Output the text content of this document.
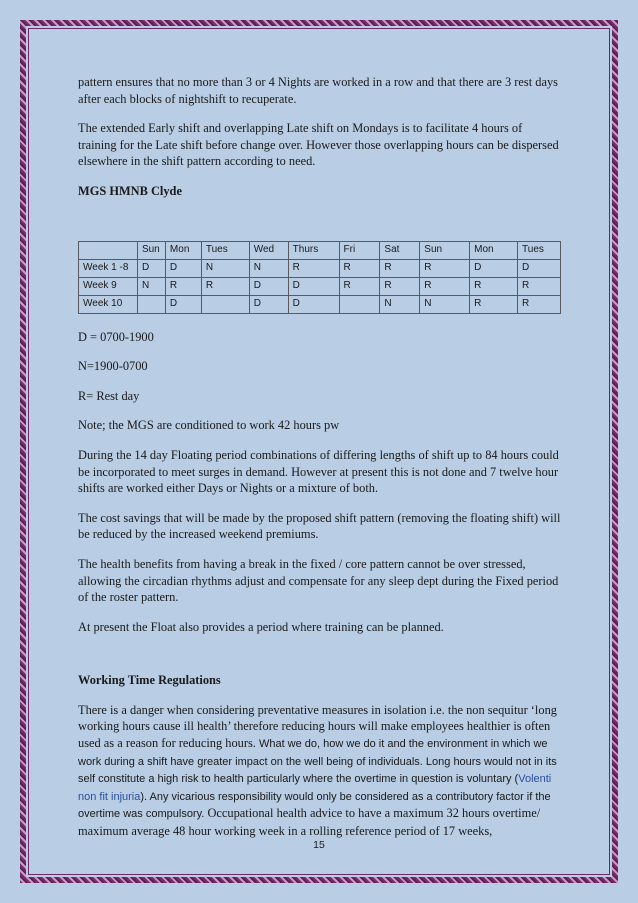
pattern ensures that no more than 3 or 4 Nights are worked in a row and that there are 3 rest days after each blocks of nightshift to recuperate.

The extended Early shift and overlapping Late shift on Mondays is to facilitate 4 hours of training for the Late shift before change over. However those overlapping hours can be dispersed elsewhere in the shift pattern according to need.

MGS HMNB Clyde

	Sun	Mon	Tues	Wed	Thurs	Fri	Sat	Sun	Mon	Tues
Week 1 -8	D	D	N	N	R	R	R	R	D	D
Week 9	N	R	R	D	D	R	R	R	R	R
Week 10		D		D	D		N	N	R	R

D = 0700-1900

N=1900-0700

R= Rest day

Note; the MGS are conditioned to work 42 hours pw

During the 14 day Floating period combinations of differing lengths of shift up to 84 hours could be incorporated to meet surges in demand. However at present this is not done and 7 twelve hour shifts are worked either Days or Nights or a mixture of both.

The cost savings that will be made by the proposed shift pattern (removing the floating shift) will be reduced by the increased weekend premiums.

The health benefits from having a break in the fixed / core pattern cannot be over stressed, allowing the circadian rhythms adjust and compensate for any sleep dept during the Fixed period of the roster pattern.

At present the Float also provides a period where training can be planned.

Working Time Regulations

There is a danger when considering preventative measures in isolation i.e. the non sequitur ‘long working hours cause ill health’ therefore reducing hours will make employees healthier is often used as a reason for reducing hours. What we do, how we do it and the environment in which we work during a shift have greater impact on the well being of individuals. Long hours would not in its self constitute a high risk to health particularly where the overtime in question is voluntary (Volenti non fit injuria). Any vicarious responsibility would only be considered as a contributory factor if the overtime was compulsory. Occupational health advice to have a maximum 32 hours overtime/ maximum average 48 hour working week in a rolling reference period of 17 weeks,

15
